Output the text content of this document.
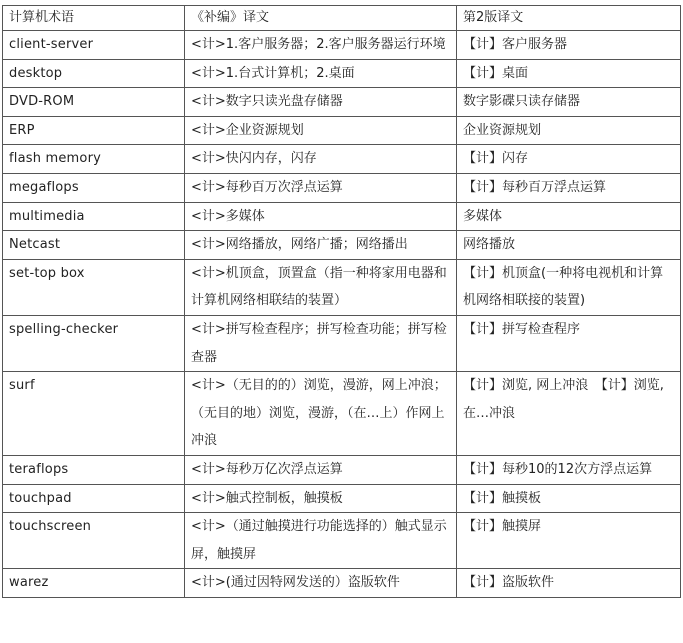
计算机术语	《补编》译文	第2版译文
client-server	<计>1.客户服务器；2.客户服务器运行环境	【计】客户服务器
desktop	<计>1.台式计算机；2.桌面	【计】桌面
DVD-ROM	<计>数字只读光盘存储器	数字影碟只读存储器
ERP	<计>企业资源规划	企业资源规划
flash memory	<计>快闪内存，闪存	【计】闪存
megaflops	<计>每秒百万次浮点运算	【计】每秒百万浮点运算
multimedia	<计>多媒体	多媒体
Netcast	<计>网络播放，网络广播；网络播出	网络播放
set-top box	<计>机顶盒，顶置盒（指一种将家用电器和计算机网络相联结的装置）	【计】机顶盒(一种将电视机和计算机网络相联接的装置)
spelling-checker	<计>拼写检查程序；拼写检查功能；拼写检查器	【计】拼写检查程序
surf	<计>（无目的的）浏览，漫游，网上冲浪；（无目的地）浏览，漫游，（在…上）作网上冲浪	【计】浏览, 网上冲浪　【计】浏览, 在…冲浪
teraflops	<计>每秒万亿次浮点运算	【计】每秒10的12次方浮点运算
touchpad	<计>触式控制板，触摸板	【计】触摸板
touchscreen	<计>（通过触摸进行功能选择的）触式显示屏，触摸屏	【计】触摸屏
warez	<计>(通过因特网发送的）盗版软件	【计】盗版软件
